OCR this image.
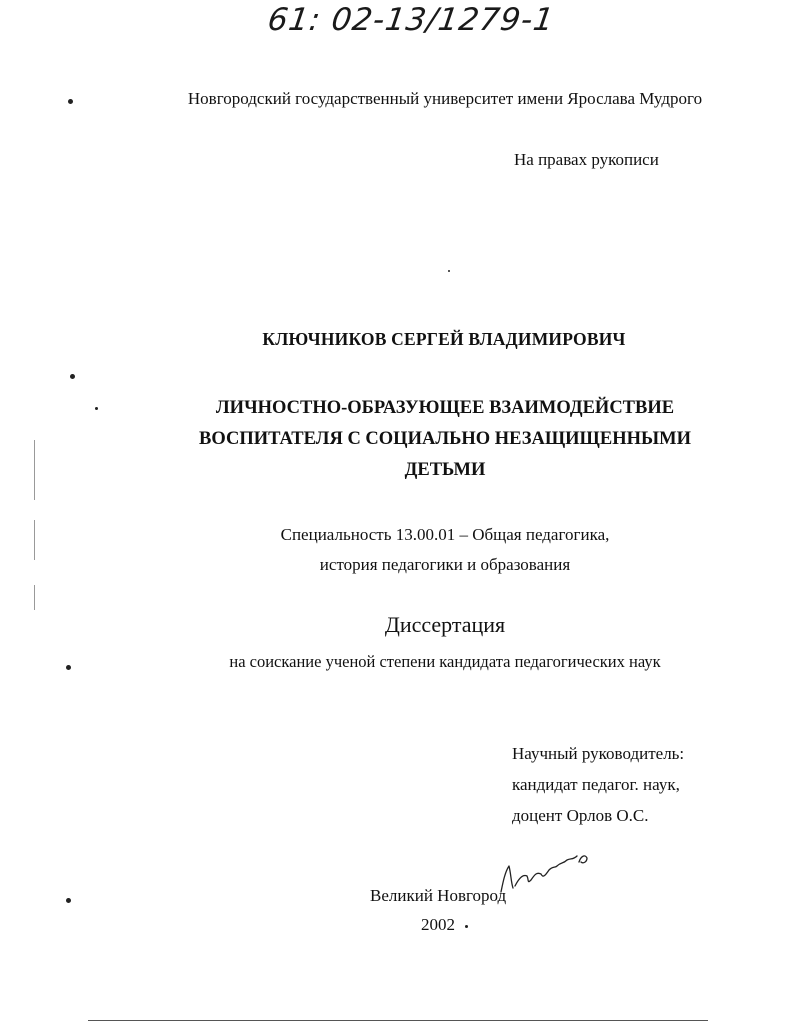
61: 02-13/1279-1
Новгородский государственный университет имени Ярослава Мудрого
На правах рукописи
КЛЮЧНИКОВ СЕРГЕЙ ВЛАДИМИРОВИЧ
ЛИЧНОСТНО-ОБРАЗУЮЩЕЕ ВЗАИМОДЕЙСТВИЕ
ВОСПИТАТЕЛЯ С СОЦИАЛЬНО НЕЗАЩИЩЕННЫМИ
ДЕТЬМИ
Специальность 13.00.01 – Общая педагогика,
история педагогики и образования
Диссертация
на соискание ученой степени кандидата педагогических наук
Научный руководитель:
кандидат педагог. наук,
доцент Орлов О.С.
Великий Новгород
2002
